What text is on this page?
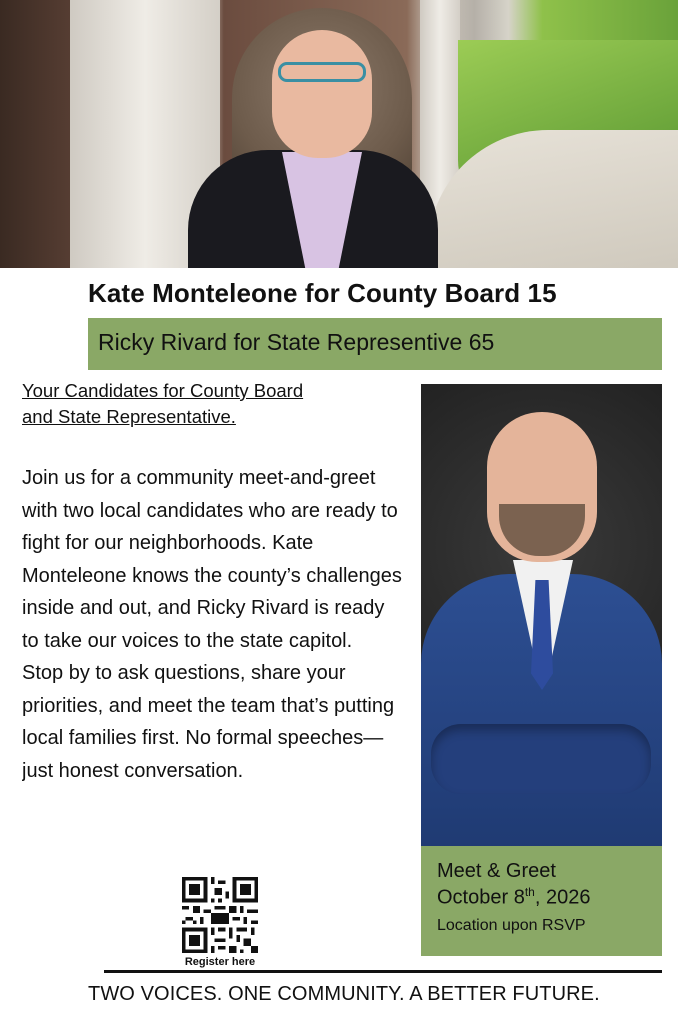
Kate Monteleone for County Board 15
Ricky Rivard for State Representive 65
Your Candidates for County Board and State Representative.

Join us for a community meet-and-greet with two local candidates who are ready to fight for our neighborhoods. Kate Monteleone knows the county’s challenges inside and out, and Ricky Rivard is ready to take our voices to the state capitol.

Stop by to ask questions, share your priorities, and meet the team that’s putting local families first. No formal speeches—just honest conversation.

Meet & Greet
October 8th, 2026
Location upon RSVP
Register here
TWO VOICES. ONE COMMUNITY. A BETTER FUTURE.
